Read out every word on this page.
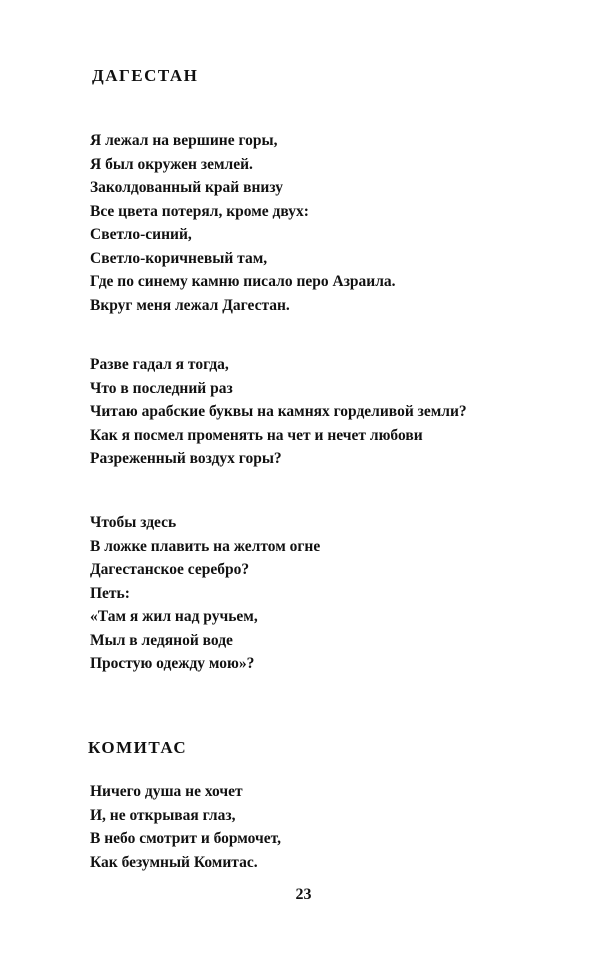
ДАГЕСТАН
Я лежал на вершине горы,
Я был окружен землей.
Заколдованный край внизу
Все цвета потерял, кроме двух:
Светло-синий,
Светло-коричневый там,
Где по синему камню писало перо Азраила.
Вкруг меня лежал Дагестан.
Разве гадал я тогда,
Что в последний раз
Читаю арабские буквы на камнях горделивой земли?
Как я посмел променять на чет и нечет любови
Разреженный воздух горы?
Чтобы здесь
В ложке плавить на желтом огне
Дагестанское серебро?
Петь:
«Там я жил над ручьем,
Мыл в ледяной воде
Простую одежду мою»?
КОМИТАС
Ничего душа не хочет
И, не открывая глаз,
В небо смотрит и бормочет,
Как безумный Комитас.
23
